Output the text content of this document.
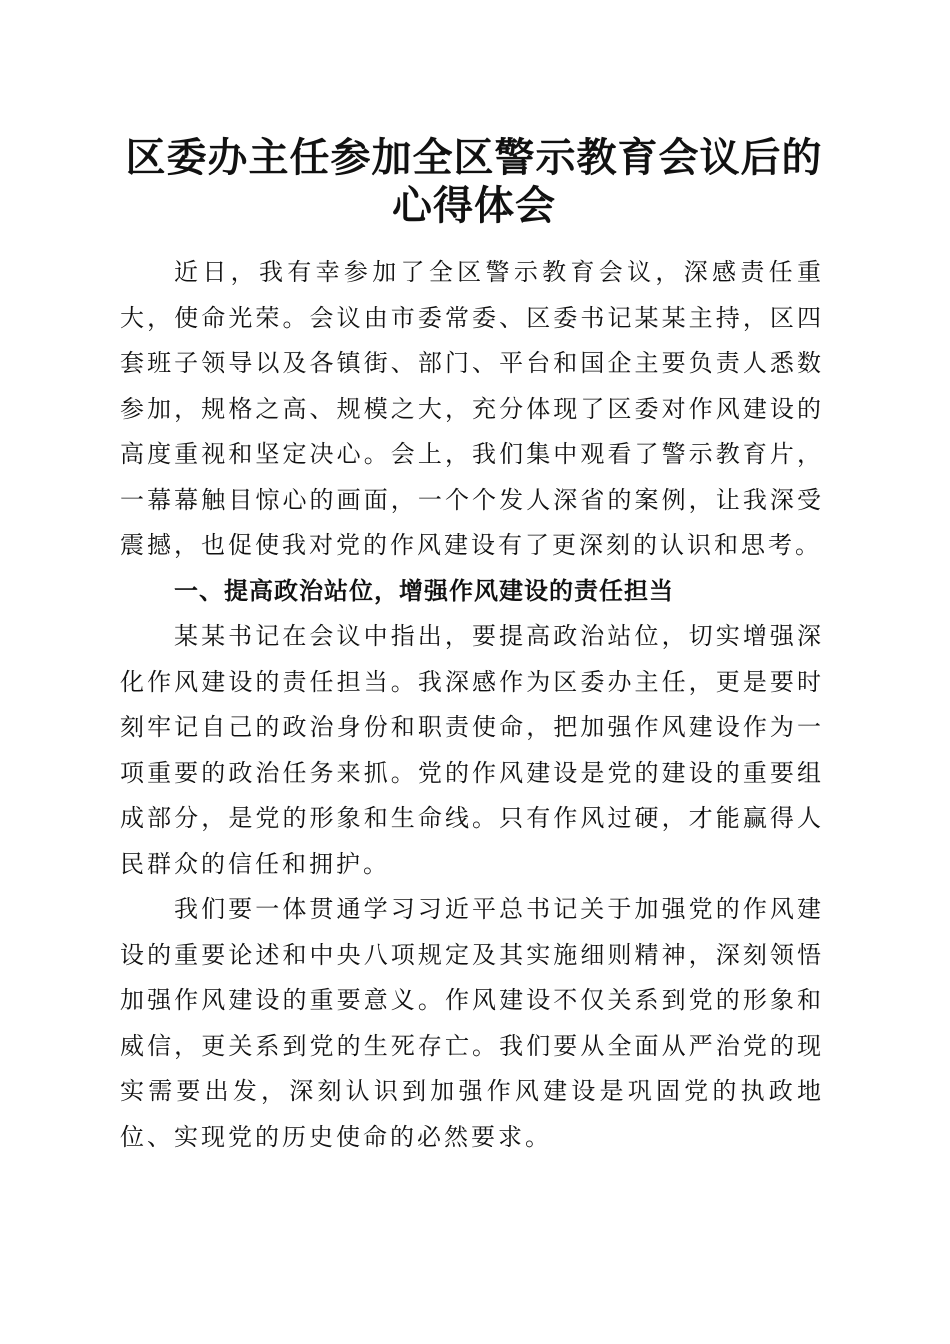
区委办主任参加全区警示教育会议后的心得体会

近日，我有幸参加了全区警示教育会议，深感责任重大，使命光荣。会议由市委常委、区委书记某某主持，区四套班子领导以及各镇街、部门、平台和国企主要负责人悉数参加，规格之高、规模之大，充分体现了区委对作风建设的高度重视和坚定决心。会上，我们集中观看了警示教育片，一幕幕触目惊心的画面，一个个发人深省的案例，让我深受震撼，也促使我对党的作风建设有了更深刻的认识和思考。

一、提高政治站位，增强作风建设的责任担当

某某书记在会议中指出，要提高政治站位，切实增强深化作风建设的责任担当。我深感作为区委办主任，更是要时刻牢记自己的政治身份和职责使命，把加强作风建设作为一项重要的政治任务来抓。党的作风建设是党的建设的重要组成部分，是党的形象和生命线。只有作风过硬，才能赢得人民群众的信任和拥护。

我们要一体贯通学习习近平总书记关于加强党的作风建设的重要论述和中央八项规定及其实施细则精神，深刻领悟加强作风建设的重要意义。作风建设不仅关系到党的形象和威信，更关系到党的生死存亡。我们要从全面从严治党的现实需要出发，深刻认识到加强作风建设是巩固党的执政地位、实现党的历史使命的必然要求。
